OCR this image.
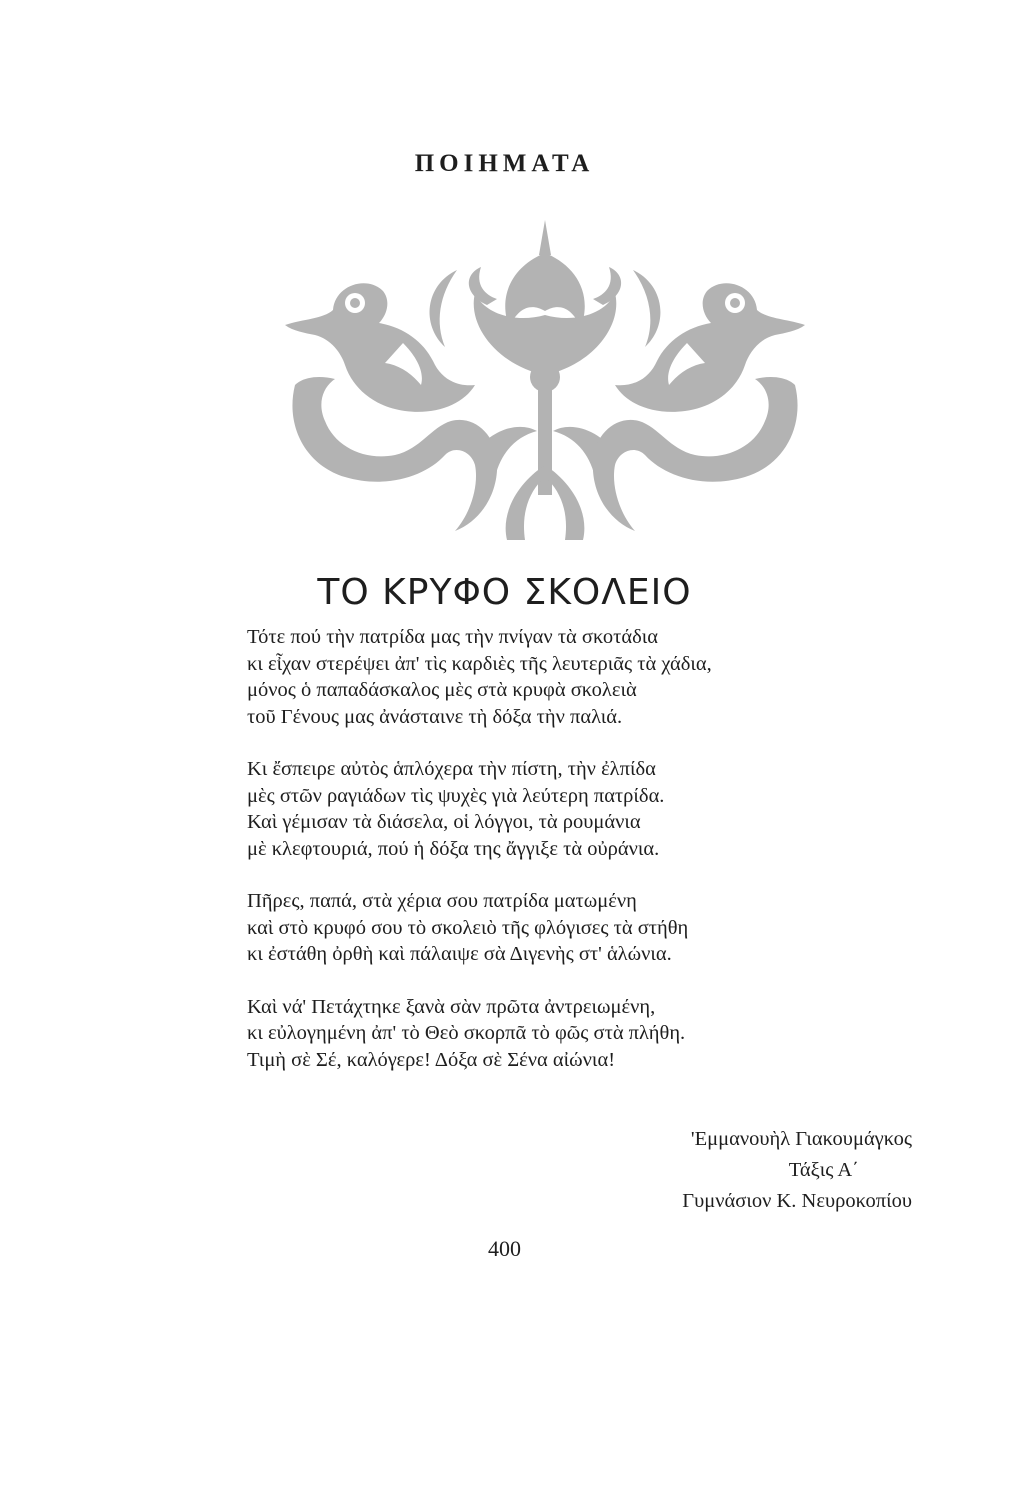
ΠΟΙΗΜΑΤΑ
ΤΟ ΚΡΥΦΟ ΣΚΟΛΕΙΟ
Τότε πού τὴν πατρίδα μας τὴν πνίγαν τὰ σκοτάδια
κι εἶχαν στερέψει ἀπ' τὶς καρδιὲς τῆς λευτεριᾶς τὰ χάδια,
μόνος ὁ παπαδάσκαλος μὲς στὰ κρυφὰ σκολειὰ
τοῦ Γένους μας ἀνάσταινε τὴ δόξα τὴν παλιά.
Κι ἔσπειρε αὐτὸς ἁπλόχερα τὴν πίστη, τὴν ἐλπίδα
μὲς στῶν ραγιάδων τὶς ψυχὲς γιὰ λεύτερη πατρίδα.
Καὶ γέμισαν τὰ διάσελα, οἱ λόγγοι, τὰ ρουμάνια
μὲ κλεφτουριά, πού ἡ δόξα της ἄγγιξε τὰ οὐράνια.
Πῆρες, παπά, στὰ χέρια σου πατρίδα ματωμένη
καὶ στὸ κρυφό σου τὸ σκολειὸ τῆς φλόγισες τὰ στήθη
κι ἐστάθη ὀρθὴ καὶ πάλαιψε σὰ Διγενὴς στ' ἁλώνια.
Καὶ νά' Πετάχτηκε ξανὰ σὰν πρῶτα ἀντρειωμένη,
κι εὐλογημένη ἀπ' τὸ Θεὸ σκορπᾶ τὸ φῶς στὰ πλήθη.
Τιμὴ σὲ Σέ, καλόγερε! Δόξα σὲ Σένα αἰώνια!
'Εμμανουὴλ Γιακουμάγκος
Τάξις Α΄
Γυμνάσιον Κ. Νευροκοπίου
400
